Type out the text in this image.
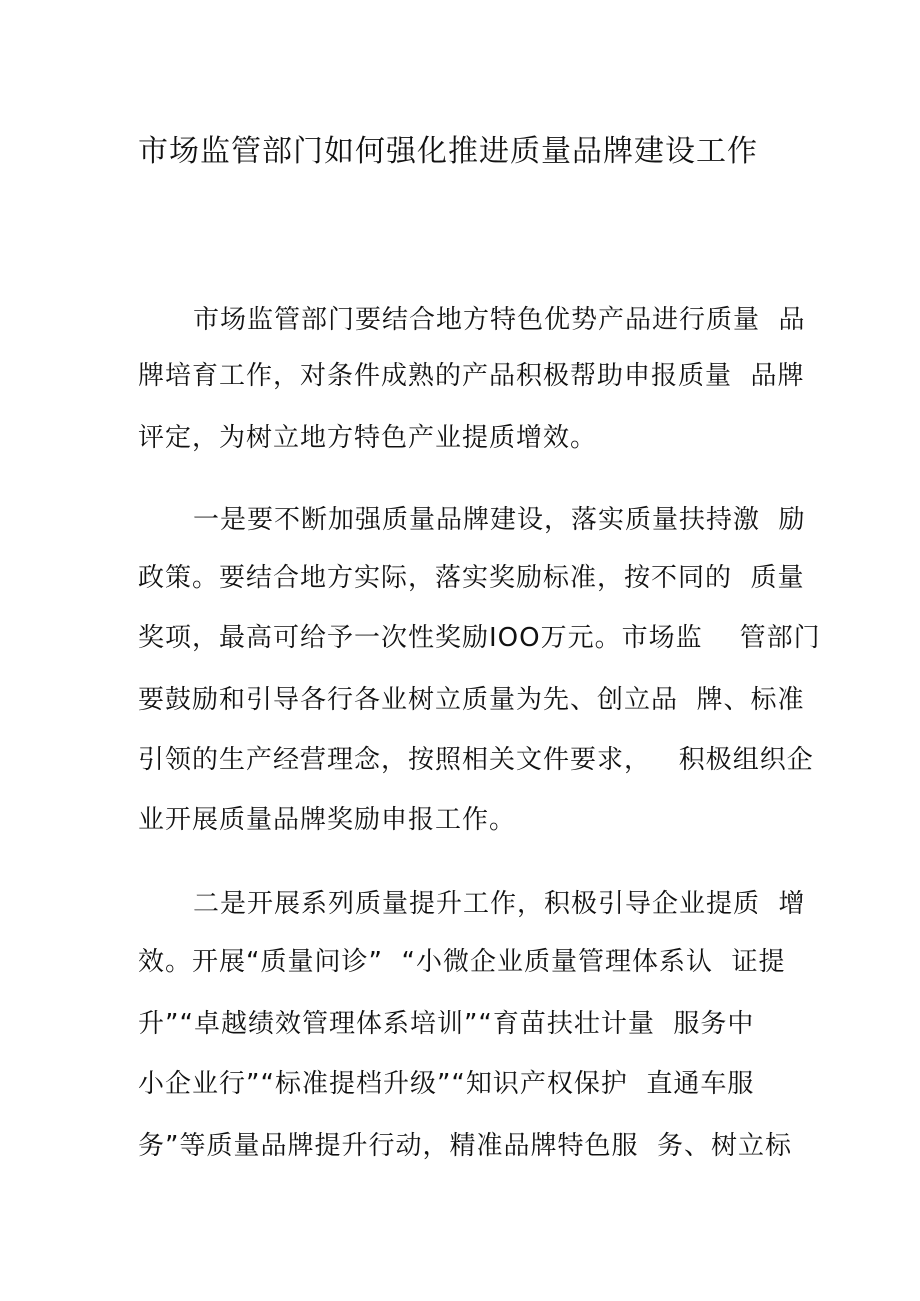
市场监管部门如何强化推进质量品牌建设工作
市场监管部门要结合地方特色优势产品进行质量  品
牌培育工作，对条件成熟的产品积极帮助申报质量  品牌
评定，为树立地方特色产业提质增效。
一是要不断加强质量品牌建设，落实质量扶持激  励
政策。要结合地方实际，落实奖励标准，按不同的  质量
奖项，最高可给予一次性奖励IOO万元。市场监    管部门
要鼓励和引导各行各业树立质量为先、创立品  牌、标准
引领的生产经营理念，按照相关文件要求，   积极组织企
业开展质量品牌奖励申报工作。
二是开展系列质量提升工作，积极引导企业提质  增
效。开展“质量问诊”  “小微企业质量管理体系认  证提
升”“卓越绩效管理体系培训”“育苗扶壮计量  服务中
小企业行”“标准提档升级”“知识产权保护  直通车服
务”等质量品牌提升行动，精准品牌特色服  务、树立标
